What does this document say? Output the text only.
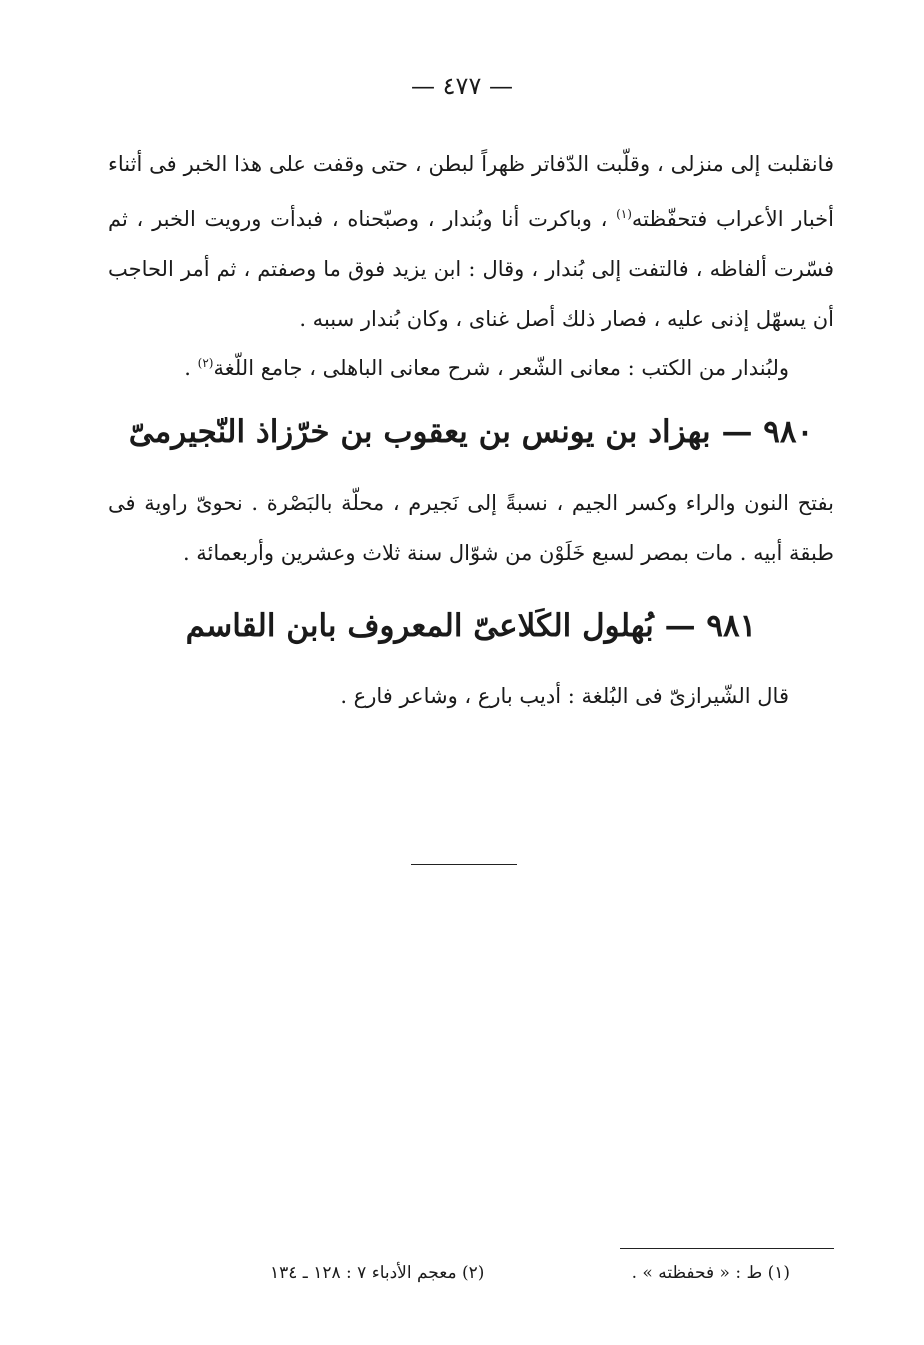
— ٤٧٧ —
فانقلبت إلى منزلى ، وقلّبت الدّفاتر ظهراً لبطن ، حتى وقفت على هذا الخبر فى أثناء أخبار الأعراب فتحفّظته$^{(١)}$ ، وباكرت أنا وبُندار ، وصبّحناه ، فبدأت ورويت الخبر ، ثم فسّرت ألفاظه ، فالتفت إلى بُندار ، وقال : ابن يزيد فوق ما وصفتم ، ثم أمر الحاجب أن يسهّل إذنى عليه ، فصار ذلك أصل غناى ، وكان بُندار سببه .
ولبُندار من الكتب : معانى الشّعر ، شرح معانى الباهلى ، جامع اللّغة$^{(٢)}$ .
٩٨٠ — بهزاد بن يونس بن يعقوب بن خرّزاذ النّجيرمىّ
بفتح النون والراء وكسر الجيم ، نسبةً إلى نَجيرم ، محلّة بالبَصْرة . نحوىّ راوية فى طبقة أبيه . مات بمصر لسبع خَلَوْن من شوّال سنة ثلاث وعشرين وأربعمائة .
٩٨١ — بُهلول الكَلاعىّ المعروف بابن القاسم
قال الشّيرازىّ فى البُلغة : أديب بارع ، وشاعر فارع .
(١) ط : « فحفظته » .
(٢) معجم الأدباء ٧ : ١٢٨ ـ ١٣٤
